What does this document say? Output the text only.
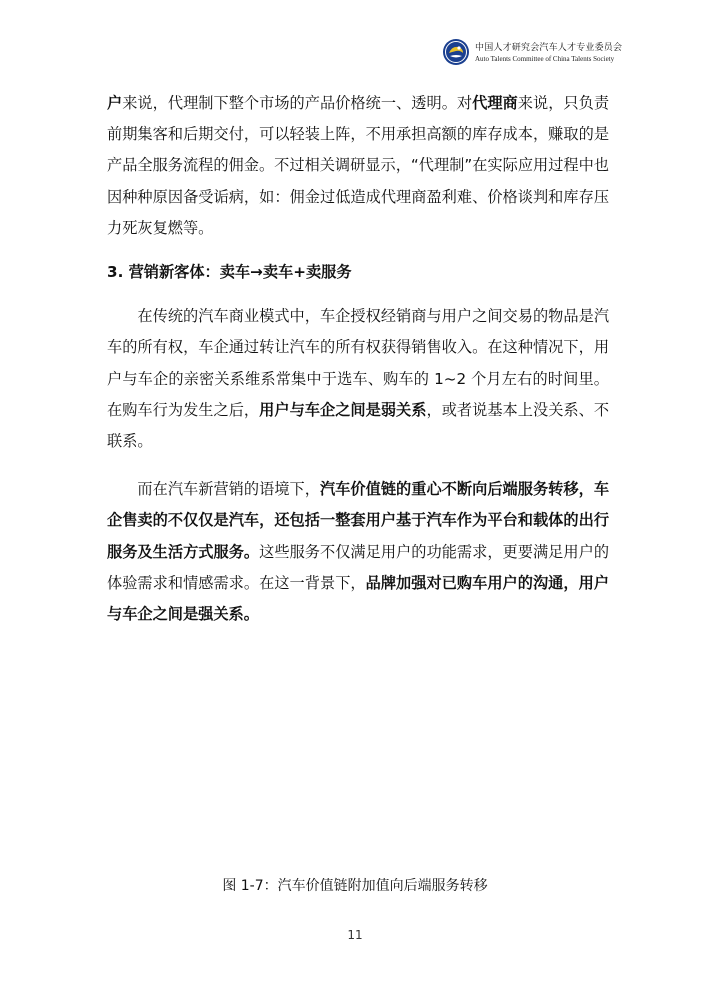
中国人才研究会汽车人才专业委员会
Auto Talents Committee of China Talents Society

户来说，代理制下整个市场的产品价格统一、透明。对代理商来说，只负责前期集客和后期交付，可以轻装上阵，不用承担高额的库存成本，赚取的是产品全服务流程的佣金。不过相关调研显示，“代理制”在实际应用过程中也因种种原因备受诟病，如：佣金过低造成代理商盈利难、价格谈判和库存压力死灰复燃等。

3. 营销新客体：卖车→卖车+卖服务

在传统的汽车商业模式中，车企授权经销商与用户之间交易的物品是汽车的所有权，车企通过转让汽车的所有权获得销售收入。在这种情况下，用户与车企的亲密关系维系常集中于选车、购车的 1~2 个月左右的时间里。在购车行为发生之后，用户与车企之间是弱关系，或者说基本上没关系、不联系。

而在汽车新营销的语境下，汽车价值链的重心不断向后端服务转移，车企售卖的不仅仅是汽车，还包括一整套用户基于汽车作为平台和载体的出行服务及生活方式服务。这些服务不仅满足用户的功能需求，更要满足用户的体验需求和情感需求。在这一背景下，品牌加强对已购车用户的沟通，用户与车企之间是强关系。

图 1-7：汽车价值链附加值向后端服务转移
11
